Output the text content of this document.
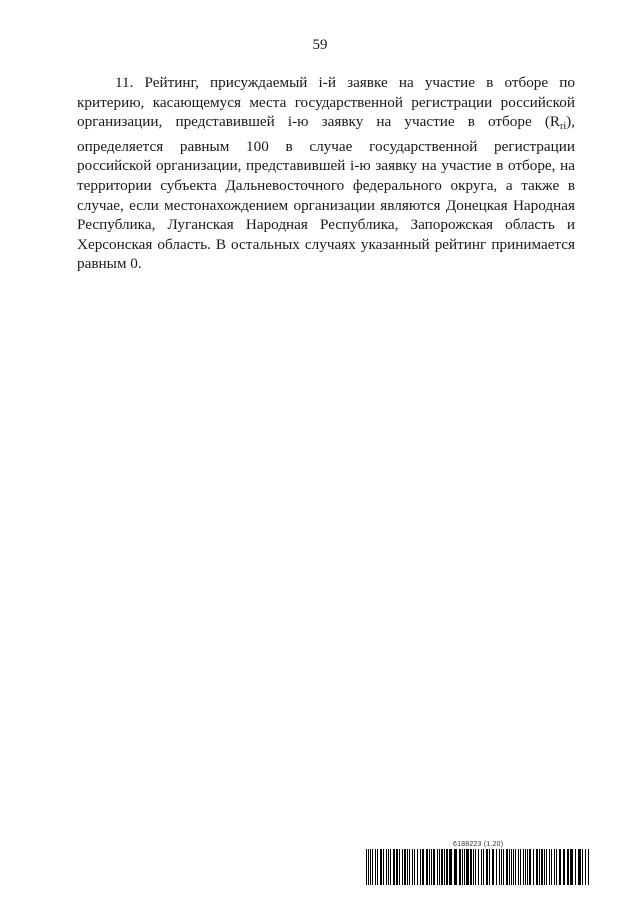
59

11. Рейтинг, присуждаемый i-й заявке на участие в отборе по критерию, касающемуся места государственной регистрации российской организации, представившей i-ю заявку на участие в отборе $(R_{ri})$, определяется равным 100 в случае государственной регистрации российской организации, представившей i-ю заявку на участие в отборе, на территории субъекта Дальневосточного федерального округа, а также в случае, если местонахождением организации являются Донецкая Народная Республика, Луганская Народная Республика, Запорожская область и Херсонская область. В остальных случаях указанный рейтинг принимается равным 0.

6188223 (1.20)
